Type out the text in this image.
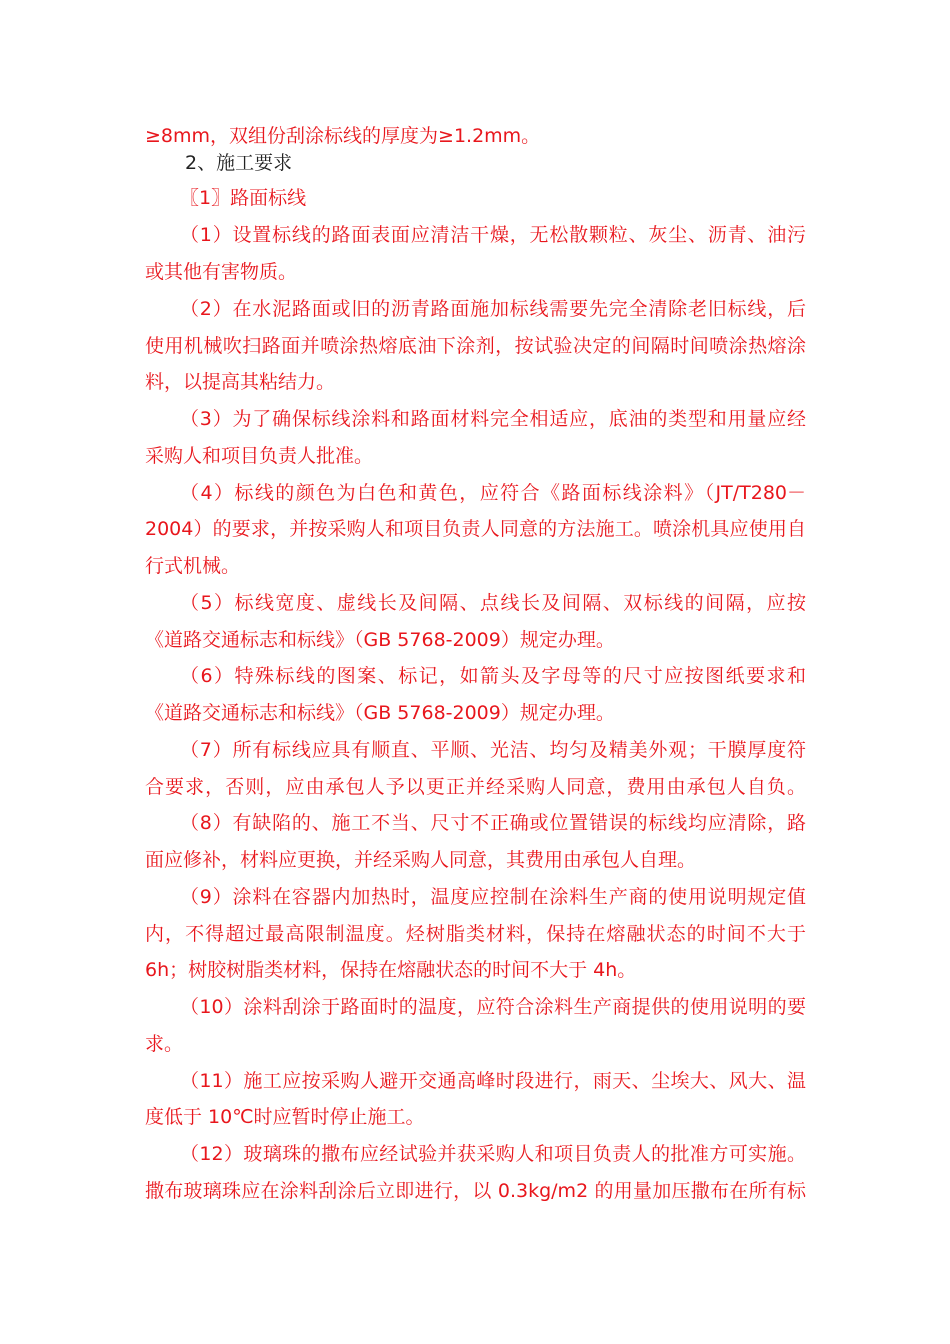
≥8mm，双组份刮涂标线的厚度为≥1.2mm。
2、施工要求
〖1〗路面标线
（1）设置标线的路面表面应清洁干燥，无松散颗粒、灰尘、沥青、油污
或其他有害物质。
（2）在水泥路面或旧的沥青路面施加标线需要先完全清除老旧标线，后
使用机械吹扫路面并喷涂热熔底油下涂剂，按试验决定的间隔时间喷涂热熔涂
料，以提高其粘结力。
（3）为了确保标线涂料和路面材料完全相适应，底油的类型和用量应经
采购人和项目负责人批准。
（4）标线的颜色为白色和黄色，应符合《路面标线涂料》（JT/T280－
2004）的要求，并按采购人和项目负责人同意的方法施工。喷涂机具应使用自
行式机械。
（5）标线宽度、虚线长及间隔、点线长及间隔、双标线的间隔，应按
《道路交通标志和标线》（GB 5768-2009）规定办理。
（6）特殊标线的图案、标记，如箭头及字母等的尺寸应按图纸要求和
《道路交通标志和标线》（GB 5768-2009）规定办理。
（7）所有标线应具有顺直、平顺、光洁、均匀及精美外观；干膜厚度符
合要求，否则，应由承包人予以更正并经采购人同意，费用由承包人自负。
（8）有缺陷的、施工不当、尺寸不正确或位置错误的标线均应清除，路
面应修补，材料应更换，并经采购人同意，其费用由承包人自理。
（9）涂料在容器内加热时，温度应控制在涂料生产商的使用说明规定值
内，不得超过最高限制温度。烃树脂类材料，保持在熔融状态的时间不大于
6h；树胶树脂类材料，保持在熔融状态的时间不大于 4h。
（10）涂料刮涂于路面时的温度，应符合涂料生产商提供的使用说明的要
求。
（11）施工应按采购人避开交通高峰时段进行，雨天、尘埃大、风大、温
度低于 10℃时应暂时停止施工。
（12）玻璃珠的撒布应经试验并获采购人和项目负责人的批准方可实施。
撒布玻璃珠应在涂料刮涂后立即进行，以 0.3kg/m2 的用量加压撒布在所有标
